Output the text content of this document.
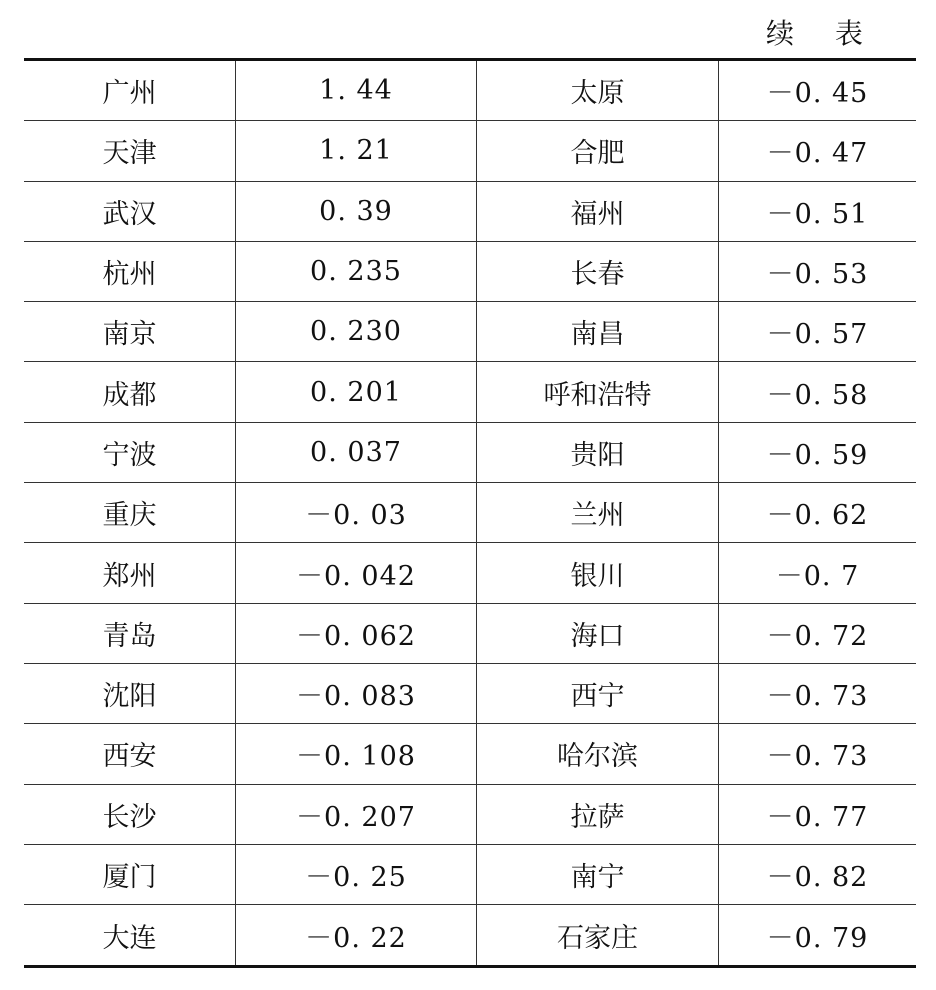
续 表
广州	1. 44	太原	－0. 45
天津	1. 21	合肥	－0. 47
武汉	0. 39	福州	－0. 51
杭州	0. 235	长春	－0. 53
南京	0. 230	南昌	－0. 57
成都	0. 201	呼和浩特	－0. 58
宁波	0. 037	贵阳	－0. 59
重庆	－0. 03	兰州	－0. 62
郑州	－0. 042	银川	－0. 7
青岛	－0. 062	海口	－0. 72
沈阳	－0. 083	西宁	－0. 73
西安	－0. 108	哈尔滨	－0. 73
长沙	－0. 207	拉萨	－0. 77
厦门	－0. 25	南宁	－0. 82
大连	－0. 22	石家庄	－0. 79
